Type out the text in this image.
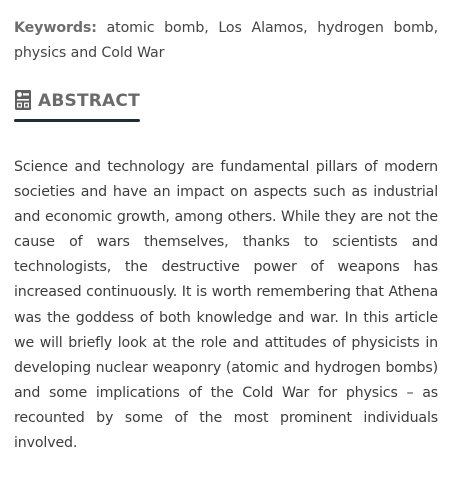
Keywords: atomic bomb, Los Alamos, hydrogen bomb, physics and Cold War

ABSTRACT

Science and technology are fundamental pillars of modern societies and have an impact on aspects such as industrial and economic growth, among others. While they are not the cause of wars themselves, thanks to scientists and technologists, the destructive power of weapons has increased continuously. It is worth remembering that Athena was the goddess of both knowledge and war. In this article we will briefly look at the role and attitudes of physicists in developing nuclear weaponry (atomic and hydrogen bombs) and some implications of the Cold War for physics – as recounted by some of the most prominent individuals involved.
